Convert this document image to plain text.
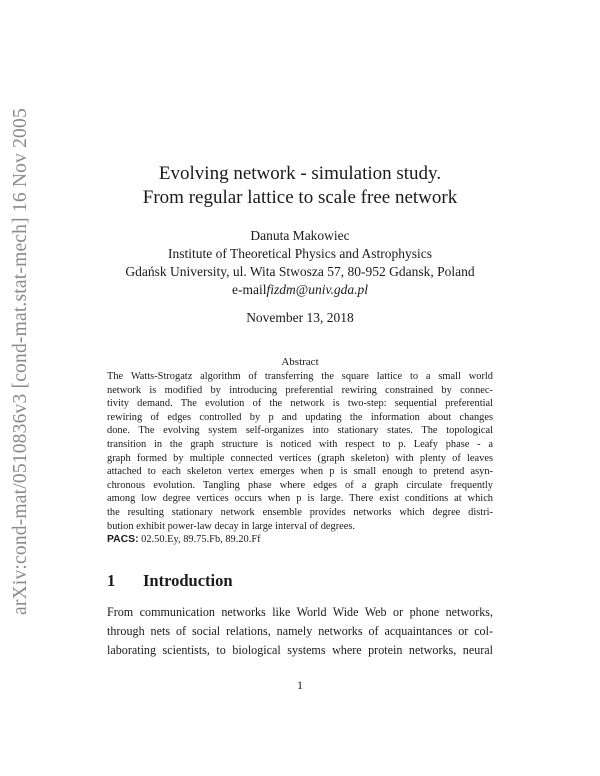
arXiv:cond-mat/0510836v3 [cond-mat.stat-mech] 16 Nov 2005	Evolving network - simulation study.
From regular lattice to scale free network
Danuta Makowiec
Institute of Theoretical Physics and Astrophysics
Gdańsk University, ul. Wita Stwosza 57, 80-952 Gdansk, Poland
e-mailfizdm@univ.gda.pl
November 13, 2018
Abstract
The Watts-Strogatz algorithm of transferring the square lattice to a small world
network is modified by introducing preferential rewiring constrained by connec-
tivity demand. The evolution of the network is two-step: sequential preferential
rewiring of edges controlled by p and updating the information about changes
done. The evolving system self-organizes into stationary states. The topological
transition in the graph structure is noticed with respect to p. Leafy phase - a
graph formed by multiple connected vertices (graph skeleton) with plenty of leaves
attached to each skeleton vertex emerges when p is small enough to pretend asyn-
chronous evolution. Tangling phase where edges of a graph circulate frequently
among low degree vertices occurs when p is large. There exist conditions at which
the resulting stationary network ensemble provides networks which degree distri-
bution exhibit power-law decay in large interval of degrees.

PACS: 02.50.Ey, 89.75.Fb, 89.20.Ff

1 Introduction
From communication networks like World Wide Web or phone networks,
through nets of social relations, namely networks of acquaintances or col-
laborating scientists, to biological systems where protein networks, neural
1
